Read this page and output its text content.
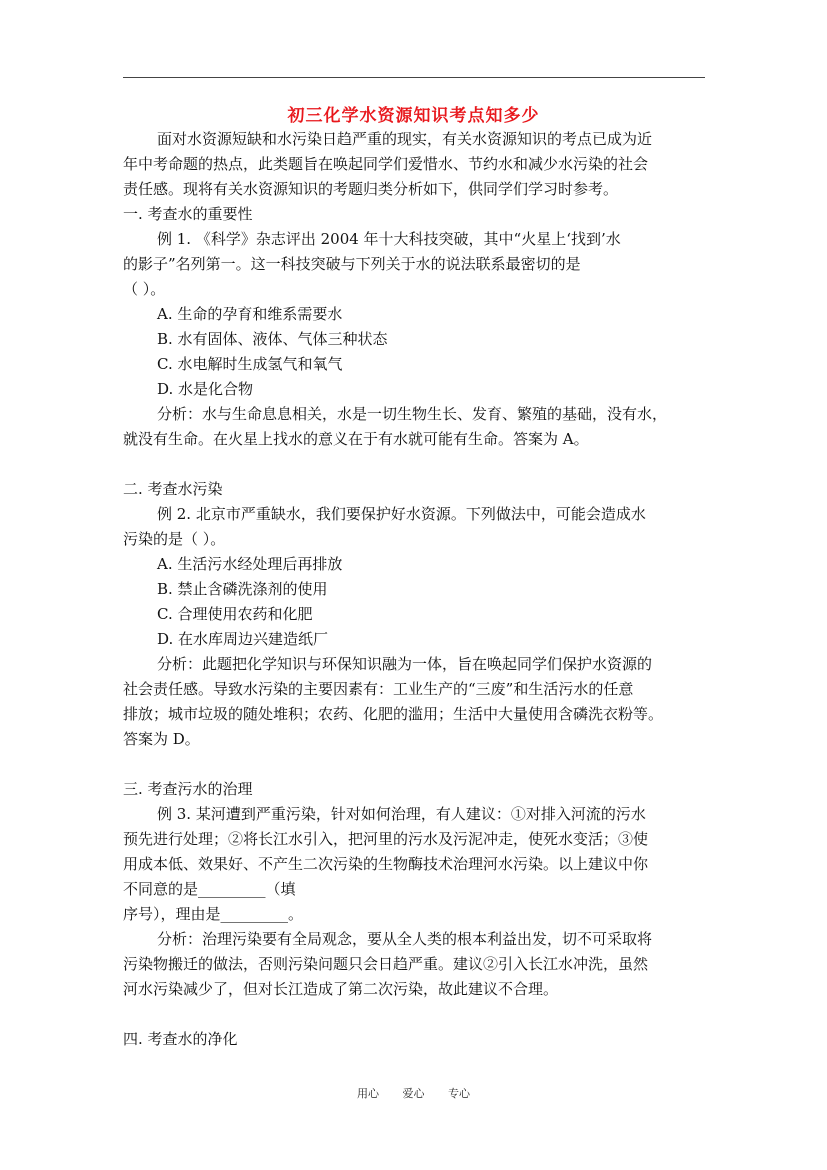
初三化学水资源知识考点知多少
面对水资源短缺和水污染日趋严重的现实，有关水资源知识的考点已成为近
年中考命题的热点，此类题旨在唤起同学们爱惜水、节约水和减少水污染的社会
责任感。现将有关水资源知识的考题归类分析如下，供同学们学习时参考。
一. 考查水的重要性
例 1. 《科学》杂志评出 2004 年十大科技突破，其中“火星上‘找到’水
的影子”名列第一。这一科技突破与下列关于水的说法联系最密切的是
（ ）。
A. 生命的孕育和维系需要水
B. 水有固体、液体、气体三种状态
C. 水电解时生成氢气和氧气
D. 水是化合物
分析：水与生命息息相关，水是一切生物生长、发育、繁殖的基础，没有水，
就没有生命。在火星上找水的意义在于有水就可能有生命。答案为 A。
二. 考查水污染
例 2. 北京市严重缺水，我们要保护好水资源。下列做法中，可能会造成水
污染的是（ ）。
A. 生活污水经处理后再排放
B. 禁止含磷洗涤剂的使用
C. 合理使用农药和化肥
D. 在水库周边兴建造纸厂
分析：此题把化学知识与环保知识融为一体，旨在唤起同学们保护水资源的
社会责任感。导致水污染的主要因素有：工业生产的“三废”和生活污水的任意
排放；城市垃圾的随处堆积；农药、化肥的滥用；生活中大量使用含磷洗衣粉等。
答案为 D。
三. 考查污水的治理
例 3. 某河遭到严重污染，针对如何治理，有人建议：①对排入河流的污水
预先进行处理；②将长江水引入，把河里的污水及污泥冲走，使死水变活；③使
用成本低、效果好、不产生二次污染的生物酶技术治理河水污染。以上建议中你
不同意的是_________（填
序号），理由是_________。
分析：治理污染要有全局观念，要从全人类的根本利益出发，切不可采取将
污染物搬迁的做法，否则污染问题只会日趋严重。建议②引入长江水冲洗，虽然
河水污染减少了，但对长江造成了第二次污染，故此建议不合理。
四. 考查水的净化
用心 爱心 专心
